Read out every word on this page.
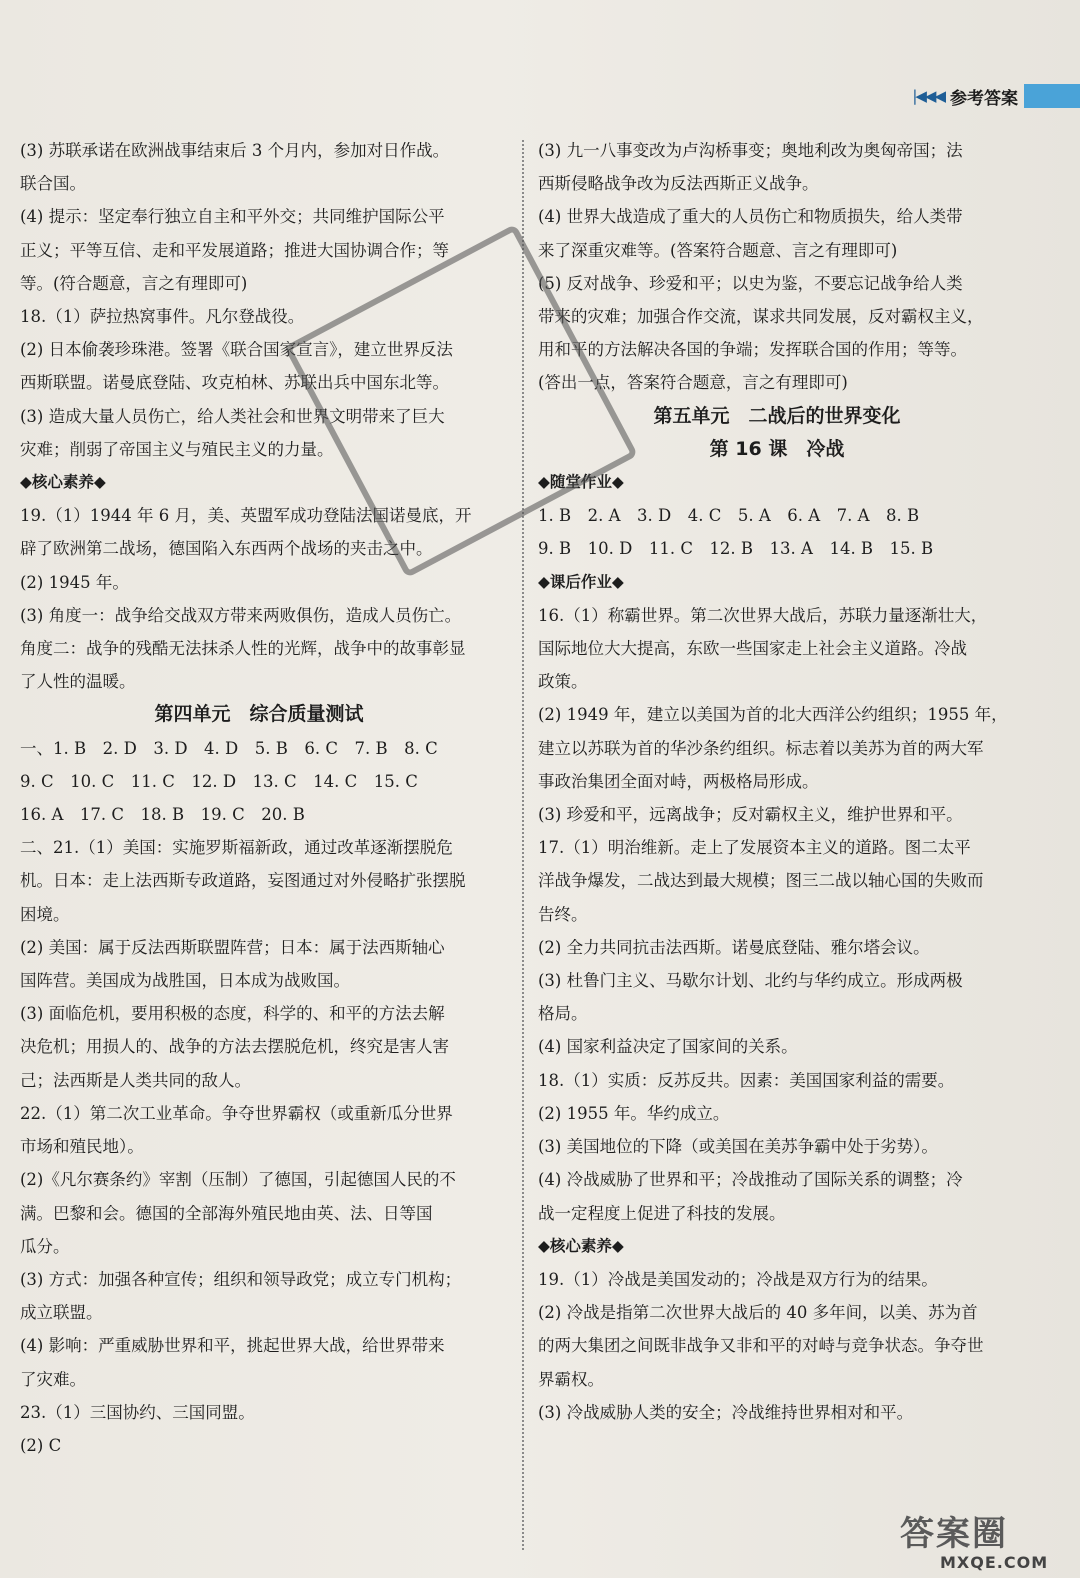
|◀◀◀ 参考答案
(3) 苏联承诺在欧洲战事结束后 3 个月内，参加对日作战。
联合国。
(4) 提示：坚定奉行独立自主和平外交；共同维护国际公平
正义；平等互信、走和平发展道路；推进大国协调合作；等
等。(符合题意，言之有理即可)
18.（1）萨拉热窝事件。凡尔登战役。
(2) 日本偷袭珍珠港。签署《联合国家宣言》，建立世界反法
西斯联盟。诺曼底登陆、攻克柏林、苏联出兵中国东北等。
(3) 造成大量人员伤亡，给人类社会和世界文明带来了巨大
灾难；削弱了帝国主义与殖民主义的力量。
◆核心素养◆
19.（1）1944 年 6 月，美、英盟军成功登陆法国诺曼底，开
辟了欧洲第二战场，德国陷入东西两个战场的夹击之中。
(2) 1945 年。
(3) 角度一：战争给交战双方带来两败俱伤，造成人员伤亡。
角度二：战争的残酷无法抹杀人性的光辉，战争中的故事彰显
了人性的温暖。
第四单元　综合质量测试
一、1. B　2. D　3. D　4. D　5. B　6. C　7. B　8. C
9. C　10. C　11. C　12. D　13. C　14. C　15. C
16. A　17. C　18. B　19. C　20. B
二、21.（1）美国：实施罗斯福新政，通过改革逐渐摆脱危
机。日本：走上法西斯专政道路，妄图通过对外侵略扩张摆脱
困境。
(2) 美国：属于反法西斯联盟阵营；日本：属于法西斯轴心
国阵营。美国成为战胜国，日本成为战败国。
(3) 面临危机，要用积极的态度，科学的、和平的方法去解
决危机；用损人的、战争的方法去摆脱危机，终究是害人害
己；法西斯是人类共同的敌人。
22.（1）第二次工业革命。争夺世界霸权（或重新瓜分世界
市场和殖民地）。
(2)《凡尔赛条约》宰割（压制）了德国，引起德国人民的不
满。巴黎和会。德国的全部海外殖民地由英、法、日等国
瓜分。
(3) 方式：加强各种宣传；组织和领导政党；成立专门机构；
成立联盟。
(4) 影响：严重威胁世界和平，挑起世界大战，给世界带来
了灾难。
23.（1）三国协约、三国同盟。
(2) C
(3) 九一八事变改为卢沟桥事变；奥地利改为奥匈帝国；法
西斯侵略战争改为反法西斯正义战争。
(4) 世界大战造成了重大的人员伤亡和物质损失，给人类带
来了深重灾难等。(答案符合题意、言之有理即可)
(5) 反对战争、珍爱和平；以史为鉴，不要忘记战争给人类
带来的灾难；加强合作交流，谋求共同发展，反对霸权主义，
用和平的方法解决各国的争端；发挥联合国的作用；等等。
(答出一点，答案符合题意，言之有理即可)
第五单元　二战后的世界变化
第 16 课　冷战
◆随堂作业◆
1. B　2. A　3. D　4. C　5. A　6. A　7. A　8. B
9. B　10. D　11. C　12. B　13. A　14. B　15. B
◆课后作业◆
16.（1）称霸世界。第二次世界大战后，苏联力量逐渐壮大，
国际地位大大提高，东欧一些国家走上社会主义道路。冷战
政策。
(2) 1949 年，建立以美国为首的北大西洋公约组织；1955 年，
建立以苏联为首的华沙条约组织。标志着以美苏为首的两大军
事政治集团全面对峙，两极格局形成。
(3) 珍爱和平，远离战争；反对霸权主义，维护世界和平。
17.（1）明治维新。走上了发展资本主义的道路。图二太平
洋战争爆发，二战达到最大规模；图三二战以轴心国的失败而
告终。
(2) 全力共同抗击法西斯。诺曼底登陆、雅尔塔会议。
(3) 杜鲁门主义、马歇尔计划、北约与华约成立。形成两极
格局。
(4) 国家利益决定了国家间的关系。
18.（1）实质：反苏反共。因素：美国国家利益的需要。
(2) 1955 年。华约成立。
(3) 美国地位的下降（或美国在美苏争霸中处于劣势）。
(4) 冷战威胁了世界和平；冷战推动了国际关系的调整；冷
战一定程度上促进了科技的发展。
◆核心素养◆
19.（1）冷战是美国发动的；冷战是双方行为的结果。
(2) 冷战是指第二次世界大战后的 40 多年间，以美、苏为首
的两大集团之间既非战争又非和平的对峙与竞争状态。争夺世
界霸权。
(3) 冷战威胁人类的安全；冷战维持世界相对和平。
答案圈
MXQE.COM
